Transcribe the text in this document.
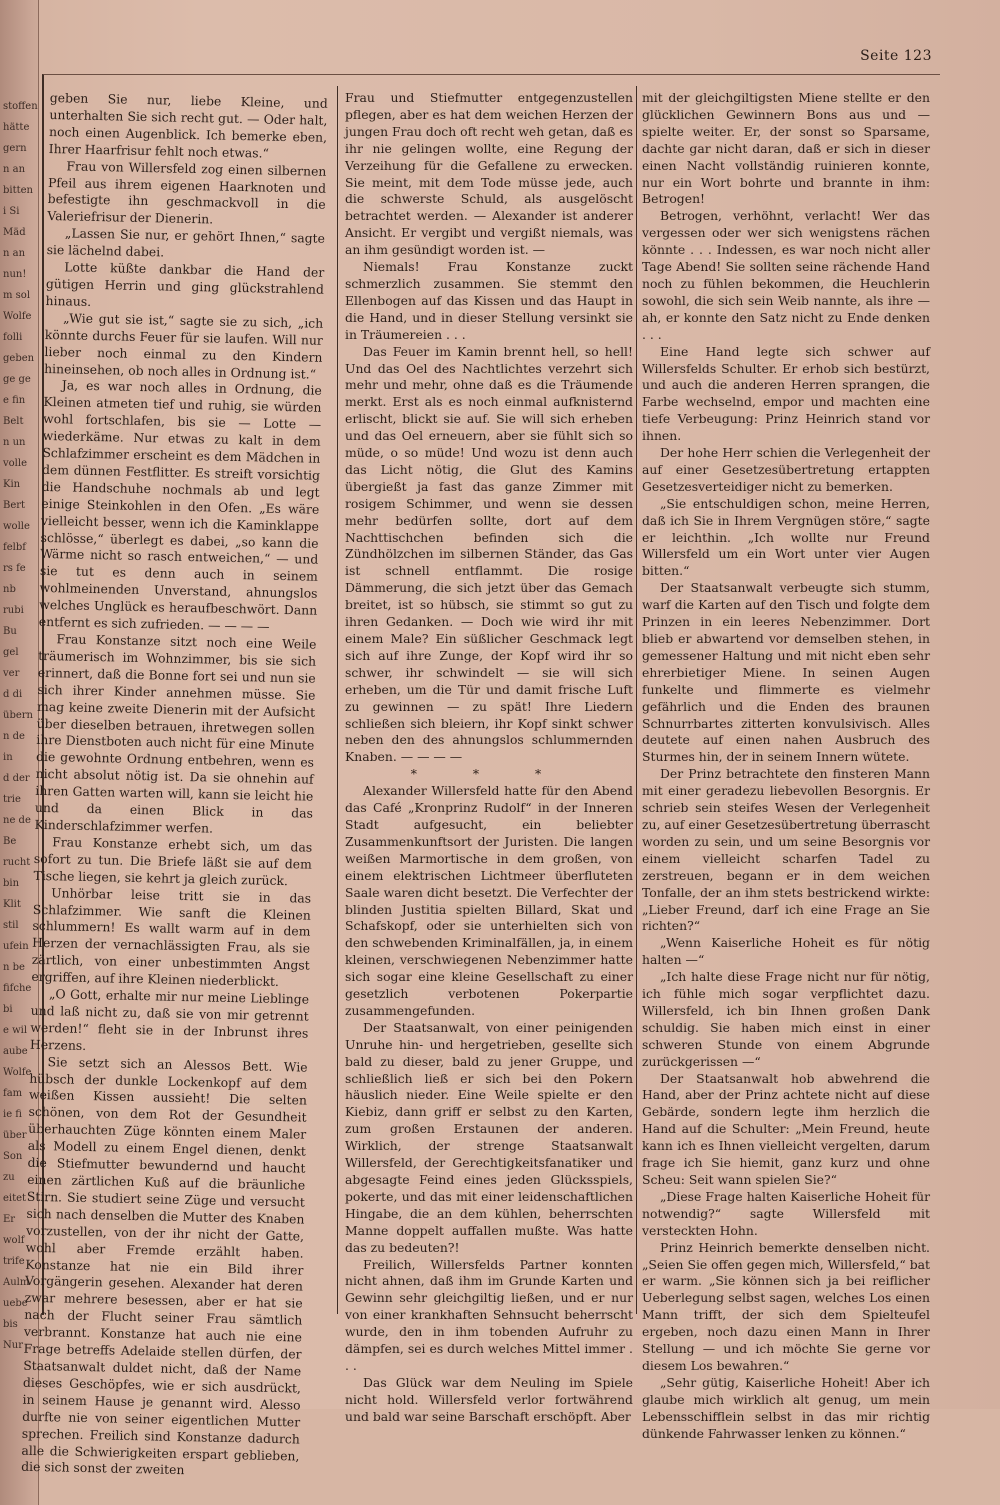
stoffen
hätte
gern
n an
bitten
i Si
Mäd
n an
nun!
m sol
Wolfe
folli
geben
ge ge
e fin
Belt
n un
volle
Kin
Bert
wolle
felbf
rs fe
nb
rubi
Bu
gel
ver
d di
übern
n de
in
d der
trie
ne de
Be
rucht
bin
Klit
stil
ufein
n be
fifche
bi
e wil
aube
Wolfe
fam
ie fi
über
Son
zu
eitet
Er
wolf
trife
Aulm
uebe
bis
Nur
Seite 123

geben Sie nur, liebe Kleine, und unterhalten Sie sich recht gut. — Oder halt, noch einen Augenblick. Ich bemerke eben, Ihrer Haarfrisur fehlt noch etwas.“

Frau von Willersfeld zog einen silbernen Pfeil aus ihrem eigenen Haarknoten und befestigte ihn geschmackvoll in die Valeriefrisur der Dienerin.

„Lassen Sie nur, er gehört Ihnen,“ sagte sie lächelnd dabei.

Lotte küßte dankbar die Hand der gütigen Herrin und ging glückstrahlend hinaus.

„Wie gut sie ist,“ sagte sie zu sich, „ich könnte durchs Feuer für sie laufen. Will nur lieber noch einmal zu den Kindern hineinsehen, ob noch alles in Ordnung ist.“

Ja, es war noch alles in Ordnung, die Kleinen atmeten tief und ruhig, sie würden wohl fortschlafen, bis sie — Lotte — wiederkäme. Nur etwas zu kalt in dem Schlafzimmer erscheint es dem Mädchen in dem dünnen Festflitter. Es streift vorsichtig die Handschuhe nochmals ab und legt einige Steinkohlen in den Ofen. „Es wäre vielleicht besser, wenn ich die Kaminklappe schlösse,“ überlegt es dabei, „so kann die Wärme nicht so rasch entweichen,“ — und sie tut es denn auch in seinem wohlmeinenden Unverstand, ahnungslos welches Unglück es heraufbeschwört. Dann entfernt es sich zufrieden. — — — —

Frau Konstanze sitzt noch eine Weile träumerisch im Wohnzimmer, bis sie sich erinnert, daß die Bonne fort sei und nun sie sich ihrer Kinder annehmen müsse. Sie mag keine zweite Dienerin mit der Aufsicht über dieselben betrauen, ihretwegen sollen ihre Dienstboten auch nicht für eine Minute die gewohnte Ordnung entbehren, wenn es nicht absolut nötig ist. Da sie ohnehin auf ihren Gatten warten will, kann sie leicht hie und da einen Blick in das Kinderschlafzimmer werfen.

Frau Konstanze erhebt sich, um das sofort zu tun. Die Briefe läßt sie auf dem Tische liegen, sie kehrt ja gleich zurück.

Unhörbar leise tritt sie in das Schlafzimmer. Wie sanft die Kleinen schlummern! Es wallt warm auf in dem Herzen der vernachlässigten Frau, als sie zärtlich, von einer unbestimmten Angst ergriffen, auf ihre Kleinen niederblickt.

„O Gott, erhalte mir nur meine Lieblinge und laß nicht zu, daß sie von mir getrennt werden!“ fleht sie in der Inbrunst ihres Herzens.

Sie setzt sich an Alessos Bett. Wie hübsch der dunkle Lockenkopf auf dem weißen Kissen aussieht! Die selten schönen, von dem Rot der Gesundheit überhauchten Züge könnten einem Maler als Modell zu einem Engel dienen, denkt die Stiefmutter bewundernd und haucht einen zärtlichen Kuß auf die bräunliche Stirn. Sie studiert seine Züge und versucht sich nach denselben die Mutter des Knaben vorzustellen, von der ihr nicht der Gatte, wohl aber Fremde erzählt haben. Konstanze hat nie ein Bild ihrer Vorgängerin gesehen. Alexander hat deren zwar mehrere besessen, aber er hat sie nach der Flucht seiner Frau sämtlich verbrannt. Konstanze hat auch nie eine Frage betreffs Adelaide stellen dürfen, der Staatsanwalt duldet nicht, daß der Name dieses Geschöpfes, wie er sich ausdrückt, in seinem Hause je genannt wird. Alesso durfte nie von seiner eigentlichen Mutter sprechen. Freilich sind Konstanze dadurch alle die Schwierigkeiten erspart geblieben, die sich sonst der zweiten

Frau und Stiefmutter entgegenzustellen pflegen, aber es hat dem weichen Herzen der jungen Frau doch oft recht weh getan, daß es ihr nie gelingen wollte, eine Regung der Verzeihung für die Gefallene zu erwecken. Sie meint, mit dem Tode müsse jede, auch die schwerste Schuld, als ausgelöscht betrachtet werden. — Alexander ist anderer Ansicht. Er vergibt und vergißt niemals, was an ihm gesündigt worden ist. —

Niemals! Frau Konstanze zuckt schmerzlich zusammen. Sie stemmt den Ellenbogen auf das Kissen und das Haupt in die Hand, und in dieser Stellung versinkt sie in Träumereien . . .

Das Feuer im Kamin brennt hell, so hell! Und das Oel des Nachtlichtes verzehrt sich mehr und mehr, ohne daß es die Träumende merkt. Erst als es noch einmal aufknisternd erlischt, blickt sie auf. Sie will sich erheben und das Oel erneuern, aber sie fühlt sich so müde, o so müde! Und wozu ist denn auch das Licht nötig, die Glut des Kamins übergießt ja fast das ganze Zimmer mit rosigem Schimmer, und wenn sie dessen mehr bedürfen sollte, dort auf dem Nachttischchen befinden sich die Zündhölzchen im silbernen Ständer, das Gas ist schnell entflammt. Die rosige Dämmerung, die sich jetzt über das Gemach breitet, ist so hübsch, sie stimmt so gut zu ihren Gedanken. — Doch wie wird ihr mit einem Male? Ein süßlicher Geschmack legt sich auf ihre Zunge, der Kopf wird ihr so schwer, ihr schwindelt — sie will sich erheben, um die Tür und damit frische Luft zu gewinnen — zu spät! Ihre Liedern schließen sich bleiern, ihr Kopf sinkt schwer neben den des ahnungslos schlummernden Knaben. — — — —

* * *

Alexander Willersfeld hatte für den Abend das Café „Kronprinz Rudolf“ in der Inneren Stadt aufgesucht, ein beliebter Zusammenkunftsort der Juristen. Die langen weißen Marmortische in dem großen, von einem elektrischen Lichtmeer überfluteten Saale waren dicht besetzt. Die Verfechter der blinden Justitia spielten Billard, Skat und Schafskopf, oder sie unterhielten sich von den schwebenden Kriminalfällen, ja, in einem kleinen, verschwiegenen Nebenzimmer hatte sich sogar eine kleine Gesellschaft zu einer gesetzlich verbotenen Pokerpartie zusammengefunden.

Der Staatsanwalt, von einer peinigenden Unruhe hin- und hergetrieben, gesellte sich bald zu dieser, bald zu jener Gruppe, und schließlich ließ er sich bei den Pokern häuslich nieder. Eine Weile spielte er den Kiebiz, dann griff er selbst zu den Karten, zum großen Erstaunen der anderen. Wirklich, der strenge Staatsanwalt Willersfeld, der Gerechtigkeitsfanatiker und abgesagte Feind eines jeden Glücksspiels, pokerte, und das mit einer leidenschaftlichen Hingabe, die an dem kühlen, beherrschten Manne doppelt auffallen mußte. Was hatte das zu bedeuten?!

Freilich, Willersfelds Partner konnten nicht ahnen, daß ihm im Grunde Karten und Gewinn sehr gleichgiltig ließen, und er nur von einer krankhaften Sehnsucht beherrscht wurde, den in ihm tobenden Aufruhr zu dämpfen, sei es durch welches Mittel immer . . .

Das Glück war dem Neuling im Spiele nicht hold. Willersfeld verlor fortwährend und bald war seine Barschaft erschöpft. Aber

mit der gleichgiltigsten Miene stellte er den glücklichen Gewinnern Bons aus und — spielte weiter. Er, der sonst so Sparsame, dachte gar nicht daran, daß er sich in dieser einen Nacht vollständig ruinieren konnte, nur ein Wort bohrte und brannte in ihm: Betrogen!

Betrogen, verhöhnt, verlacht! Wer das vergessen oder wer sich wenigstens rächen könnte . . . Indessen, es war noch nicht aller Tage Abend! Sie sollten seine rächende Hand noch zu fühlen bekommen, die Heuchlerin sowohl, die sich sein Weib nannte, als ihre — ah, er konnte den Satz nicht zu Ende denken . . .

Eine Hand legte sich schwer auf Willersfelds Schulter. Er erhob sich bestürzt, und auch die anderen Herren sprangen, die Farbe wechselnd, empor und machten eine tiefe Verbeugung: Prinz Heinrich stand vor ihnen.

Der hohe Herr schien die Verlegenheit der auf einer Gesetzesübertretung ertappten Gesetzesverteidiger nicht zu bemerken.

„Sie entschuldigen schon, meine Herren, daß ich Sie in Ihrem Vergnügen störe,“ sagte er leichthin. „Ich wollte nur Freund Willersfeld um ein Wort unter vier Augen bitten.“

Der Staatsanwalt verbeugte sich stumm, warf die Karten auf den Tisch und folgte dem Prinzen in ein leeres Nebenzimmer. Dort blieb er abwartend vor demselben stehen, in gemessener Haltung und mit nicht eben sehr ehrerbietiger Miene. In seinen Augen funkelte und flimmerte es vielmehr gefährlich und die Enden des braunen Schnurrbartes zitterten konvulsivisch. Alles deutete auf einen nahen Ausbruch des Sturmes hin, der in seinem Innern wütete.

Der Prinz betrachtete den finsteren Mann mit einer geradezu liebevollen Besorgnis. Er schrieb sein steifes Wesen der Verlegenheit zu, auf einer Gesetzesübertretung überrascht worden zu sein, und um seine Besorgnis vor einem vielleicht scharfen Tadel zu zerstreuen, begann er in dem weichen Tonfalle, der an ihm stets bestrickend wirkte: „Lieber Freund, darf ich eine Frage an Sie richten?“

„Wenn Kaiserliche Hoheit es für nötig halten —“

„Ich halte diese Frage nicht nur für nötig, ich fühle mich sogar verpflichtet dazu. Willersfeld, ich bin Ihnen großen Dank schuldig. Sie haben mich einst in einer schweren Stunde von einem Abgrunde zurückgerissen —“

Der Staatsanwalt hob abwehrend die Hand, aber der Prinz achtete nicht auf diese Gebärde, sondern legte ihm herzlich die Hand auf die Schulter: „Mein Freund, heute kann ich es Ihnen vielleicht vergelten, darum frage ich Sie hiemit, ganz kurz und ohne Scheu: Seit wann spielen Sie?“

„Diese Frage halten Kaiserliche Hoheit für notwendig?“ sagte Willersfeld mit versteckten Hohn.

Prinz Heinrich bemerkte denselben nicht. „Seien Sie offen gegen mich, Willersfeld,“ bat er warm. „Sie können sich ja bei reiflicher Ueberlegung selbst sagen, welches Los einen Mann trifft, der sich dem Spielteufel ergeben, noch dazu einen Mann in Ihrer Stellung — und ich möchte Sie gerne vor diesem Los bewahren.“

„Sehr gütig, Kaiserliche Hoheit! Aber ich glaube mich wirklich alt genug, um mein Lebensschifflein selbst in das mir richtig dünkende Fahrwasser lenken zu können.“
